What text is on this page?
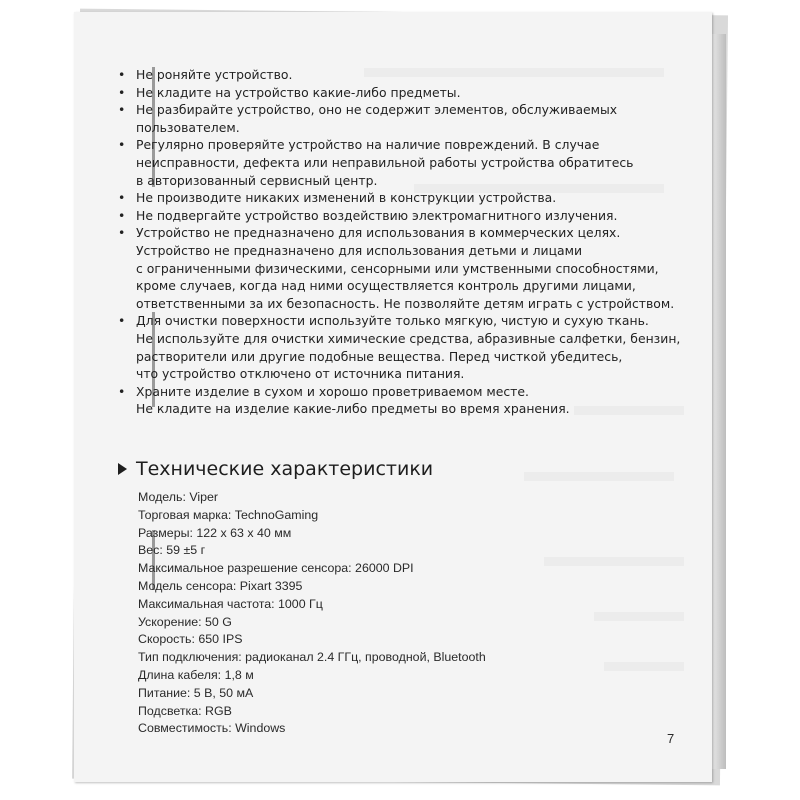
• Не роняйте устройство.
• Не кладите на устройство какие-либо предметы.
• Не разбирайте устройство, оно не содержит элементов, обслуживаемых
пользователем.
• Регулярно проверяйте устройство на наличие повреждений. В случае
неисправности, дефекта или неправильной работы устройства обратитесь
в авторизованный сервисный центр.
• Не производите никаких изменений в конструкции устройства.
• Не подвергайте устройство воздействию электромагнитного излучения.
• Устройство не предназначено для использования в коммерческих целях.
Устройство не предназначено для использования детьми и лицами
с ограниченными физическими, сенсорными или умственными способностями,
кроме случаев, когда над ними осуществляется контроль другими лицами,
ответственными за их безопасность. Не позволяйте детям играть с устройством.
• Для очистки поверхности используйте только мягкую, чистую и сухую ткань.
Не используйте для очистки химические средства, абразивные салфетки, бензин,
растворители или другие подобные вещества. Перед чисткой убедитесь,
что устройство отключено от источника питания.
• Храните изделие в сухом и хорошо проветриваемом месте.
Не кладите на изделие какие-либо предметы во время хранения.
Технические характеристики
Модель: Viper
Торговая марка: TechnoGaming
Размеры: 122 x 63 x 40 мм
Вес: 59 ±5 г
Максимальное разрешение сенсора: 26000 DPI
Модель сенсора: Pixart 3395
Максимальная частота: 1000 Гц
Ускорение: 50 G
Скорость: 650 IPS
Тип подключения: радиоканал 2.4 ГГц, проводной, Bluetooth
Длина кабеля: 1,8 м
Питание: 5 В, 50 мА
Подсветка: RGB
Совместимость: Windows
7
